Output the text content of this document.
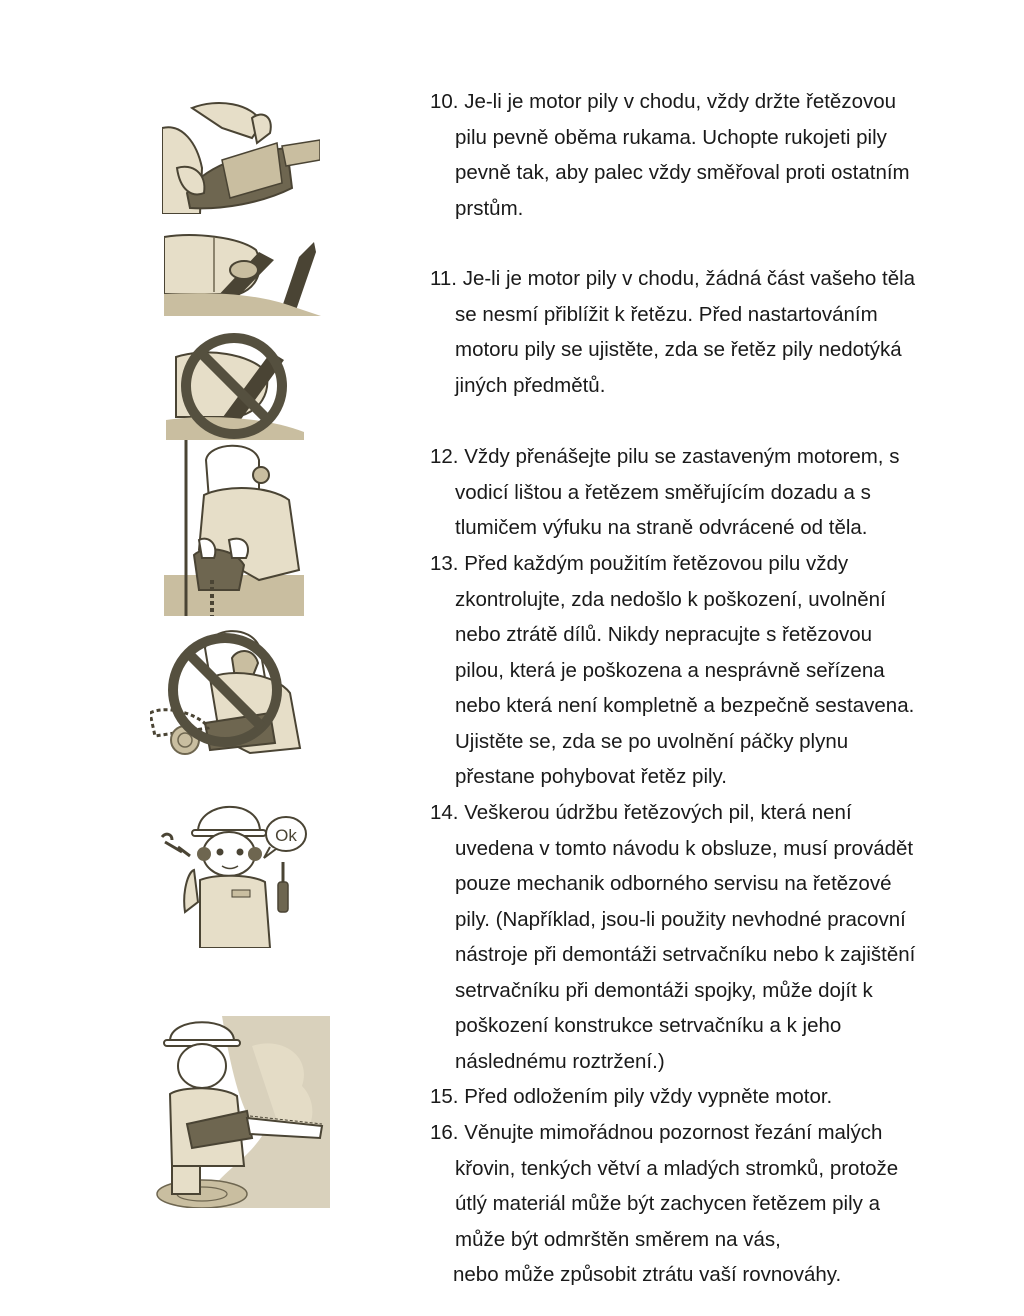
Ok
10. Je-li je motor pily v chodu, vždy držte řetězovou
pilu pevně oběma rukama. Uchopte rukojeti pily
pevně tak, aby palec vždy směřoval proti ostatním
prstům.
11. Je-li je motor pily v chodu, žádná část vašeho těla
se nesmí přiblížit k řetězu. Před nastartováním
motoru pily se ujistěte, zda se řetěz pily nedotýká
jiných předmětů.
12. Vždy přenášejte pilu se zastaveným motorem, s
vodicí lištou a řetězem směřujícím dozadu a s
tlumičem výfuku na straně odvrácené od těla.
13. Před každým použitím řetězovou pilu vždy
zkontrolujte, zda nedošlo k poškození, uvolnění
nebo ztrátě dílů. Nikdy nepracujte s řetězovou
pilou, která je poškozena a nesprávně seřízena
nebo která není kompletně a bezpečně sestavena.
Ujistěte se, zda se po uvolnění páčky plynu
přestane pohybovat řetěz pily.
14. Veškerou údržbu řetězových pil, která není
uvedena v tomto návodu k obsluze, musí provádět
pouze mechanik odborného servisu na řetězové
pily. (Například, jsou-li použity nevhodné pracovní
nástroje při demontáži setrvačníku nebo k zajištění
setrvačníku při demontáži spojky, může dojít k
poškození konstrukce setrvačníku a k jeho
následnému roztržení.)
15. Před odložením pily vždy vypněte motor.
16. Věnujte mimořádnou pozornost řezání malých
křovin, tenkých větví a mladých stromků, protože
útlý materiál může být zachycen řetězem pily a
může být odmrštěn směrem na vás,
nebo může způsobit ztrátu vaší rovnováhy.
